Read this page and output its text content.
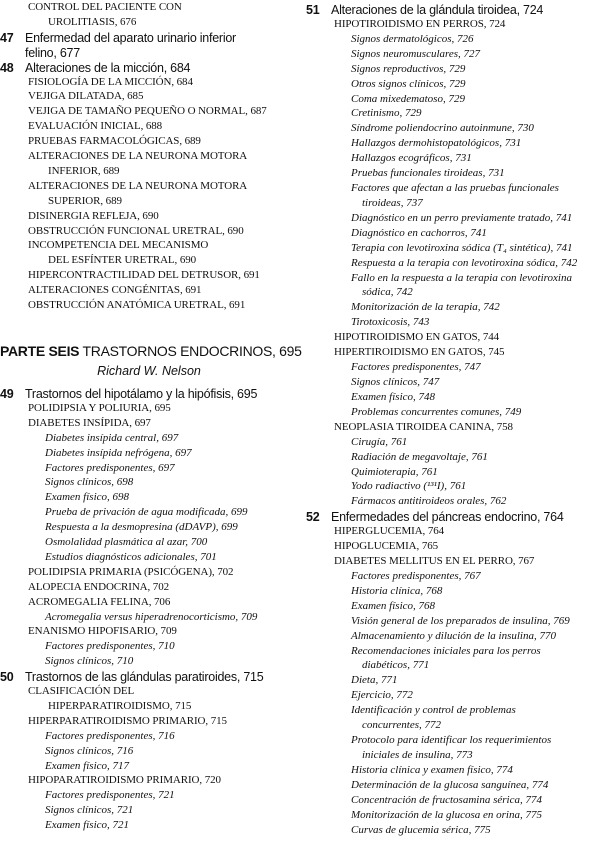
CONTROL DEL PACIENTE CON
UROLITIASIS, 676
47 Enfermedad del aparato urinario inferior
felino, 677
48 Alteraciones de la micción, 684
FISIOLOGÍA DE LA MICCIÓN, 684
VEJIGA DILATADA, 685
VEJIGA DE TAMAÑO PEQUEÑO O NORMAL, 687
EVALUACIÓN INICIAL, 688
PRUEBAS FARMACOLÓGICAS, 689
ALTERACIONES DE LA NEURONA MOTORA
INFERIOR, 689
ALTERACIONES DE LA NEURONA MOTORA
SUPERIOR, 689
DISINERGIA REFLEJA, 690
OBSTRUCCIÓN FUNCIONAL URETRAL, 690
INCOMPETENCIA DEL MECANISMO
DEL ESFÍNTER URETRAL, 690
HIPERCONTRACTILIDAD DEL DETRUSOR, 691
ALTERACIONES CONGÉNITAS, 691
OBSTRUCCIÓN ANATÓMICA URETRAL, 691
PARTE SEIS TRASTORNOS ENDOCRINOS, 695
Richard W. Nelson
49 Trastornos del hipotálamo y la hipófisis, 695
POLIDIPSIA Y POLIURIA, 695
DIABETES INSÍPIDA, 697
Diabetes insípida central, 697
Diabetes insípida nefrógena, 697
Factores predisponentes, 697
Signos clínicos, 698
Examen físico, 698
Prueba de privación de agua modificada, 699
Respuesta a la desmopresina (dDAVP), 699
Osmolalidad plasmática al azar, 700
Estudios diagnósticos adicionales, 701
POLIDIPSIA PRIMARIA (PSICÓGENA), 702
ALOPECIA ENDOCRINA, 702
ACROMEGALIA FELINA, 706
Acromegalia versus hiperadrenocorticismo, 709
ENANISMO HIPOFISARIO, 709
Factores predisponentes, 710
Signos clínicos, 710
50 Trastornos de las glándulas paratiroides, 715
CLASIFICACIÓN DEL
HIPERPARATIROIDISMO, 715
HIPERPARATIROIDISMO PRIMARIO, 715
Factores predisponentes, 716
Signos clínicos, 716
Examen físico, 717
HIPOPARATIROIDISMO PRIMARIO, 720
Factores predisponentes, 721
Signos clínicos, 721
Examen físico, 721
51 Alteraciones de la glándula tiroidea, 724
HIPOTIROIDISMO EN PERROS, 724
Signos dermatológicos, 726
Signos neuromusculares, 727
Signos reproductivos, 729
Otros signos clínicos, 729
Coma mixedematoso, 729
Cretinismo, 729
Síndrome poliendocrino autoinmune, 730
Hallazgos dermohistopatológicos, 731
Hallazgos ecográficos, 731
Pruebas funcionales tiroideas, 731
Factores que afectan a las pruebas funcionales
tiroideas, 737
Diagnóstico en un perro previamente tratado, 741
Diagnóstico en cachorros, 741
Terapia con levotiroxina sódica (T₄ sintética), 741
Respuesta a la terapia con levotiroxina sódica, 742
Fallo en la respuesta a la terapia con levotiroxina
sódica, 742
Monitorización de la terapia, 742
Tirotoxicosis, 743
HIPOTIROIDISMO EN GATOS, 744
HIPERTIROIDISMO EN GATOS, 745
Factores predisponentes, 747
Signos clínicos, 747
Examen físico, 748
Problemas concurrentes comunes, 749
NEOPLASIA TIROIDEA CANINA, 758
Cirugía, 761
Radiación de megavoltaje, 761
Quimioterapia, 761
Yodo radiactivo (¹³¹I), 761
Fármacos antitiroideos orales, 762
52 Enfermedades del páncreas endocrino, 764
HIPERGLUCEMIA, 764
HIPOGLUCEMIA, 765
DIABETES MELLITUS EN EL PERRO, 767
Factores predisponentes, 767
Historia clínica, 768
Examen físico, 768
Visión general de los preparados de insulina, 769
Almacenamiento y dilución de la insulina, 770
Recomendaciones iniciales para los perros
diabéticos, 771
Dieta, 771
Ejercicio, 772
Identificación y control de problemas
concurrentes, 772
Protocolo para identificar los requerimientos
iniciales de insulina, 773
Historia clínica y examen físico, 774
Determinación de la glucosa sanguínea, 774
Concentración de fructosamina sérica, 774
Monitorización de la glucosa en orina, 775
Curvas de glucemia sérica, 775
